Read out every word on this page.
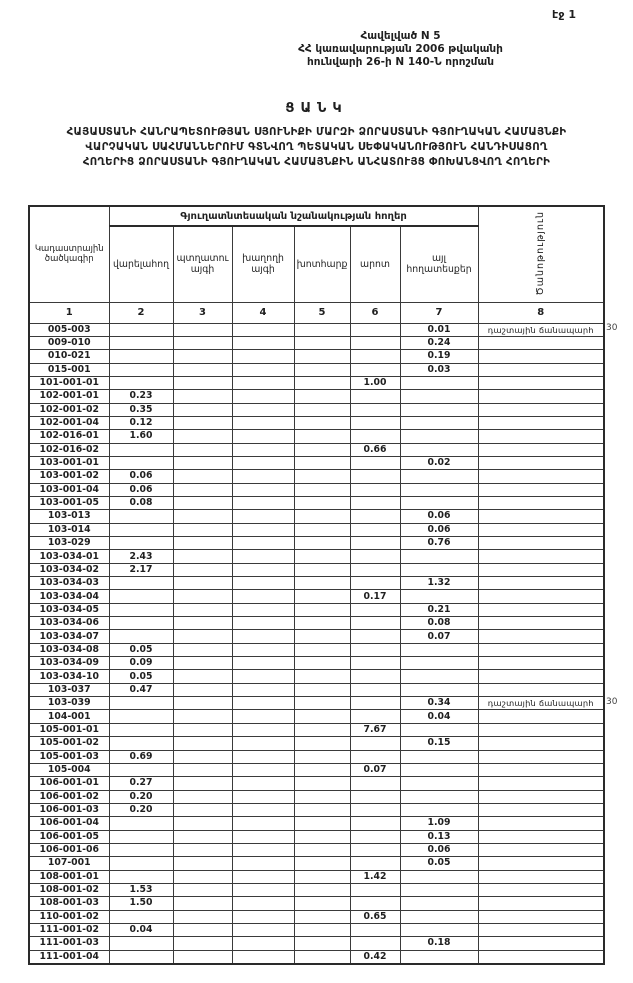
էջ 1
Հավելված N 5
ՀՀ կառավարության 2006 թվականի
հունվարի 26-ի N 140-Ն որոշման
ՑԱՆԿ
ՀԱՅԱՍՏԱՆԻ ՀԱՆՐԱՊԵՏՈՒԹՅԱՆ ՍՅՈՒՆԻՔԻ ՄԱՐԶԻ ՁՈՐԱՍՏԱՆԻ ԳՅՈՒՂԱԿԱՆ ՀԱՄԱՅՆՔԻ
ՎԱՐՉԱԿԱՆ ՍԱՀՄԱՆՆԵՐՈՒՄ ԳՏՆՎՈՂ ՊԵՏԱԿԱՆ ՍԵՓԱԿԱՆՈՒԹՅՈՒՆ ՀԱՆԴԻՍԱՑՈՂ
ՀՈՂԵՐԻՑ ՁՈՐԱՍՏԱՆԻ ԳՅՈՒՂԱԿԱՆ ՀԱՄԱՅՆՔԻՆ ԱՆՀԱՏՈՒՅՑ ՓՈԽԱՆՑՎՈՂ ՀՈՂԵՐԻ
Կադաստրային ծածկագիր	Գյուղատնտեսական նշանակության հողեր						Ծանոթություն
	վարելահող	պտղատու այգի	խաղողի այգի	խոտհարք	արոտ	այլ հողատեսքեր	
1	2	3	4	5	6	7	8
005-003						0.01	դաշտային ճանապարհ
009-010						0.24	
010-021						0.19	
015-001						0.03	
101-001-01					1.00		
102-001-01	0.23						
102-001-02	0.35						
102-001-04	0.12						
102-016-01	1.60						
102-016-02					0.66		
103-001-01						0.02	
103-001-02	0.06						
103-001-04	0.06						
103-001-05	0.08						
103-013						0.06	
103-014						0.06	
103-029						0.76	
103-034-01	2.43						
103-034-02	2.17						
103-034-03						1.32	
103-034-04					0.17		
103-034-05						0.21	
103-034-06						0.08	
103-034-07						0.07	
103-034-08	0.05						
103-034-09	0.09						
103-034-10	0.05						
103-037	0.47						
103-039						0.34	դաշտային ճանապարհ
104-001						0.04	
105-001-01					7.67		
105-001-02						0.15	
105-001-03	0.69						
105-004					0.07		
106-001-01	0.27						
106-001-02	0.20						
106-001-03	0.20						
106-001-04						1.09	
106-001-05						0.13	
106-001-06						0.06	
107-001						0.05	
108-001-01					1.42		
108-001-02	1.53						
108-001-03	1.50						
110-001-02					0.65		
111-001-02	0.04						
111-001-03						0.18	
111-001-04					0.42		
30
30
